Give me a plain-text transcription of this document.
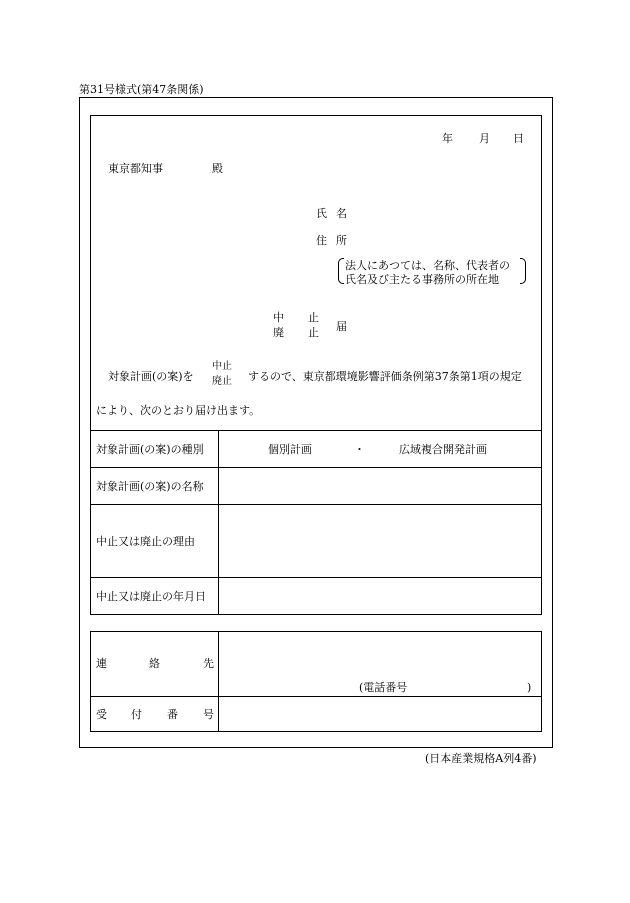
第31号様式(第47条関係)
年 月 日
東京都知事	殿
氏 名
住 所
法人にあつては、名称、代表者の
氏名及び主たる事務所の所在地
中 止
廃 止 届
対象計画(の案)を
中止
廃止 するので、東京都環境影響評価条例第37条第1項の規定
により、次のとおり届け出ます。
対象計画(の案)の種別	個別計画	・	広域複合開発計画
対象計画(の案)の名称
中止又は廃止の理由
中止又は廃止の年月日
連	絡	先
(電話番号	)
受 付 番 号
(日本産業規格A列4番)
